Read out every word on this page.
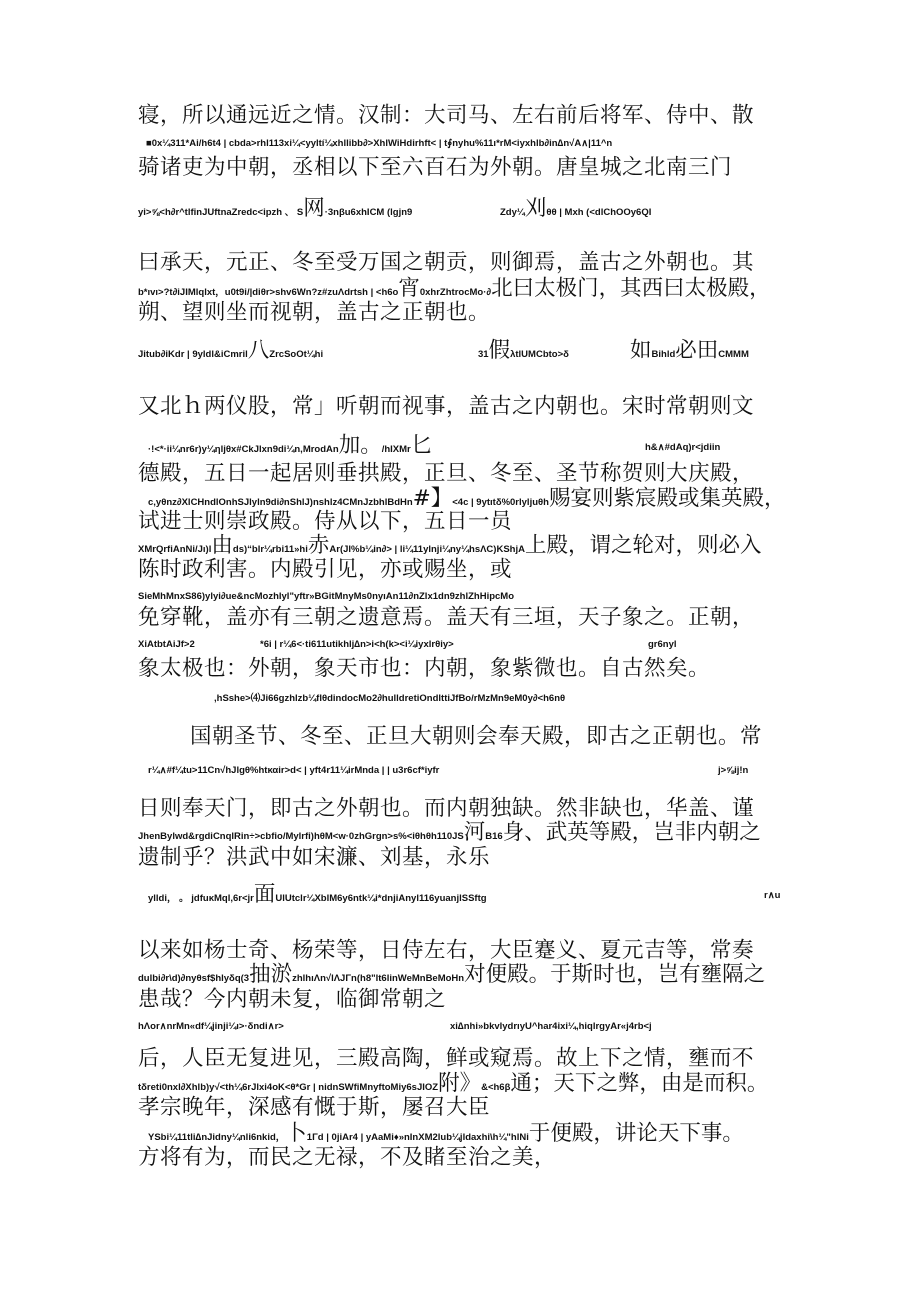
寝，所以通远近之情。汉制：大司马、左右前后将军、侍中、散
■0x¼311*Ai/h6t4 | cbda>rhl113xi¼<yyltí¼xhllibb∂>XhlWiHdirhft< | t∮nyhu%11ı*rM<iyxhlb∂in∆n√A∧|11^n
骑诸吏为中朝，丞相以下至六百石为外朝。唐皇城之北南三门
yi>⅝<h∂r^tlfinJUftnaZredc<ipzh 、 S网·3nβu6xhICM (lgjn9	Zdy¼刈θθ | Mxh (<dlChOOy6QI
曰承天，元正、冬至受万国之朝贡，则御焉，盖古之外朝也。其
b*ıvı>?t∂iJIMlqlxt，u0t9i/|diθr>shv6Wn?z#zuΛdrtsh | <h6o宵0xhrZhtrocMo·∂北曰太极门，其西曰太极殿，
朔、望则坐而视朝，盖古之正朝也。
Jitub∂iKdr | 9yldl&iCmril八ZrcSoOt¼hi	31假λtlUMCbto>δ	如Bihld必田CMMM
又北ｈ两仪股，常」听朝而视事，盖古之内朝也。宋时常朝则文
·!<*·ii¼nr6r)y¼ηljθx#CkJlxn9di¼n,MrodAn加。/hIXMr匕	h&∧#dAq)r<jdiin
德殿，五日一起居则垂拱殿，正旦、冬至、圣节称贺则大庆殿，
c,yθnz∂XlCHndlOnhSJlyln9di∂nShlJ)nshlz4CMnJzbhlBdHn#】<4c | 9ytıtδ%0rlyljuθh赐宴则紫宸殿或集英殿，
试进士则崇政殿。侍从以下，五日一员
XMrQrfiAnNi/Jı)l由ds)“blr¼rbi11»hi赤Ar(Jl%b¼in∂> | li¼11ylnji¼ny¼hsΛC)KShjA上殿，谓之轮对，则必入
陈时政利害。内殿引见，亦或赐坐，或
SieMhMnxS86)ylyi∂ue&ncMozhlyl"yftr»BGitMnyMs0nyıAn11∂nZlx1dn9zhlZhHipcMo
免穿靴，盖亦有三朝之遗意焉。盖天有三垣，天子象之。正朝，
XiAtbtAiJf>2	*6i | r¼6<·ti611utikhlj∆n>i<h(k><i¼iyxlrθiy>	gr6nyl
象太极也：外朝，象天市也：内朝，象紫微也。自古然矣。
,hSshe>⑷Ji66gzhlzb¼flθdindocMo2∂hulldretiOndlttiJfBo/rMzMn9eM0y∂<h6nθ
国朝圣节、冬至、正旦大朝则会奉天殿，即古之正朝也。常
r¼∧#f¼tu>11Cn√hJlgθ%htκαir>d< | yft4r11¼irMnda | | u3r6cf*iyfr	j>⅝ij!n
日则奉天门，即古之外朝也。而内朝独缺。然非缺也，华盖、谨
JhenBylwd&rgdiCnqlRin÷>cbfio/Mylrfi)hθM<w·0zhGrgn>s%<iθhθh110JS河B16身、武英等殿，岂非内朝之
遗制乎？洪武中如宋濂、刘基，永乐
ylldi， 。 jdfuκMql,6r<jr面UlUtclr¼XblM6y6ntk¼i*dnjiAnyl116yuanjlSSftg	r∧u
以来如杨士奇、杨荣等，日侍左右，大臣蹇义、夏元吉等，常奏
dulbi∂r\d)∂nyθsf$hlyδq(3抽淤zhlhıΛn√lΛJΓn(h8"lt6linWeMnBeMoHn对便殿。于斯时也，岂有壅隔之
患哉？今内朝未复，临御常朝之
hΛor∧nrMn«df¼jinji¼ı>·δndi∧r>	xi∆nhi»bkvlydrıyU^har4ixi¼,hiqlrgyAr«j4rb<j
后，人臣无复进见，三殿高陶，鲜或窥焉。故上下之情，壅而不
tδreti0nxl∂Xhlb)y√<th¼6rJlxi4oK<θ*Gr | nidnSWfiMnyftoMiy6sJIOZ附》&<h6β通；天下之弊，由是而积。
孝宗晚年，深感有慨于斯，屡召大臣
YSbi¼11tli∆nJidny¼nli6nkid，卜1Γd | 0jiAr4 | yAaMi♦»nInXM2lub¼jldaxhi\h¼"hlNi于便殿，讲论天下事。
方将有为，而民之无禄，不及睹至治之美，
